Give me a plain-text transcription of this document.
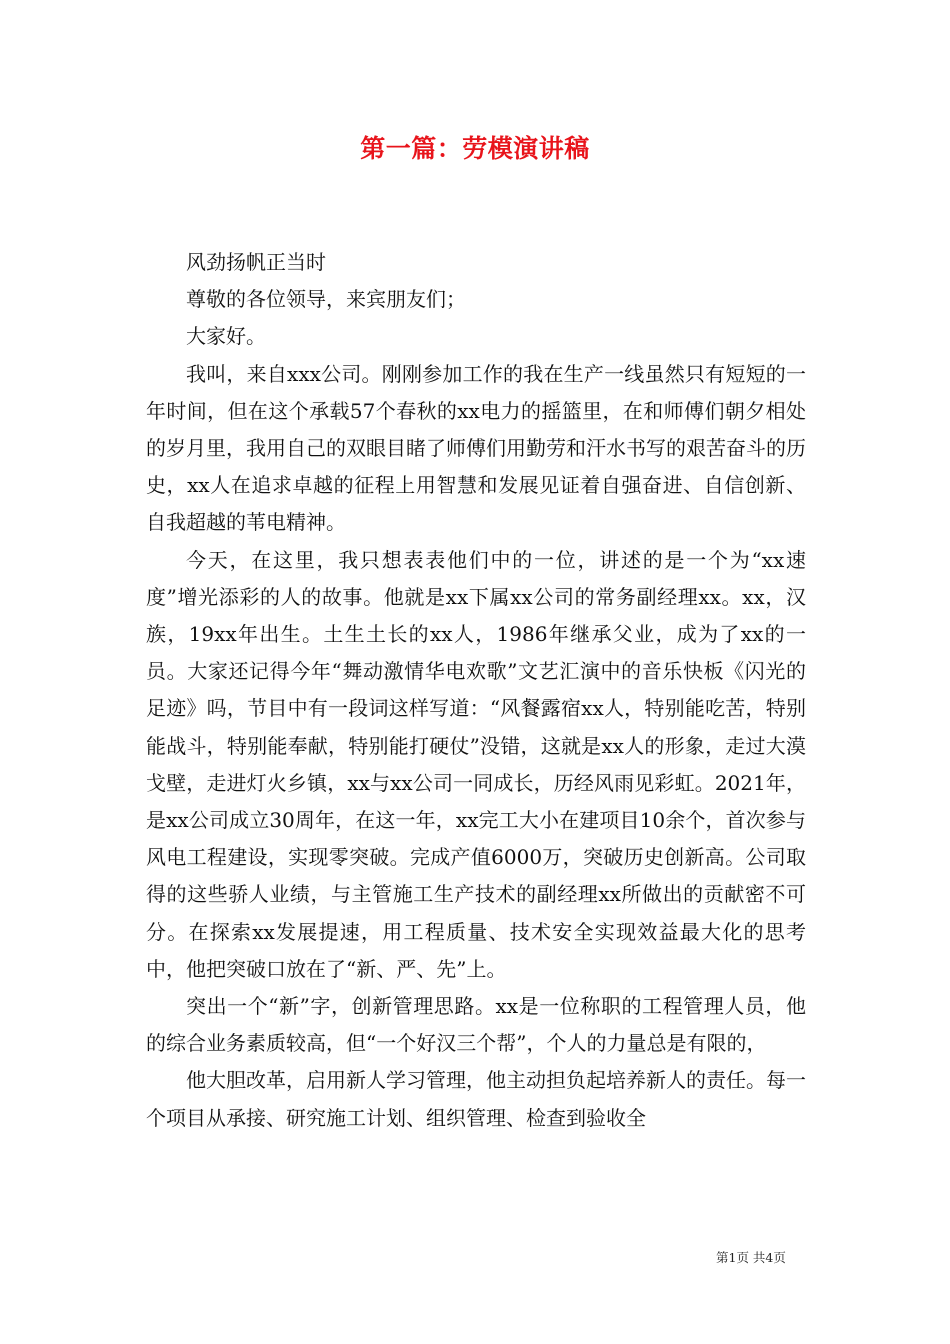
第一篇：劳模演讲稿

风劲扬帆正当时

尊敬的各位领导，来宾朋友们；

大家好。

我叫，来自xxx公司。刚刚参加工作的我在生产一线虽然只有短短的一年时间，但在这个承载57个春秋的xx电力的摇篮里，在和师傅们朝夕相处的岁月里，我用自己的双眼目睹了师傅们用勤劳和汗水书写的艰苦奋斗的历史，xx人在追求卓越的征程上用智慧和发展见证着自强奋进、自信创新、自我超越的苇电精神。

今天，在这里，我只想表表他们中的一位，讲述的是一个为“xx速度”增光添彩的人的故事。他就是xx下属xx公司的常务副经理xx。xx，汉族，19xx年出生。土生土长的xx人，1986年继承父业，成为了xx的一员。大家还记得今年“舞动激情华电欢歌”文艺汇演中的音乐快板《闪光的足迹》吗，节目中有一段词这样写道：“风餐露宿xx人，特别能吃苦，特别能战斗，特别能奉献，特别能打硬仗”没错，这就是xx人的形象，走过大漠戈壁，走进灯火乡镇，xx与xx公司一同成长，历经风雨见彩虹。2021年，是xx公司成立30周年，在这一年，xx完工大小在建项目10余个，首次参与风电工程建设，实现零突破。完成产值6000万，突破历史创新高。公司取得的这些骄人业绩，与主管施工生产技术的副经理xx所做出的贡献密不可分。在探索xx发展提速，用工程质量、技术安全实现效益最大化的思考中，他把突破口放在了“新、严、先”上。

突出一个“新”字，创新管理思路。xx是一位称职的工程管理人员，他的综合业务素质较高，但“一个好汉三个帮”，个人的力量总是有限的，

他大胆改革，启用新人学习管理，他主动担负起培养新人的责任。每一个项目从承接、研究施工计划、组织管理、检查到验收全

第1页 共4页
